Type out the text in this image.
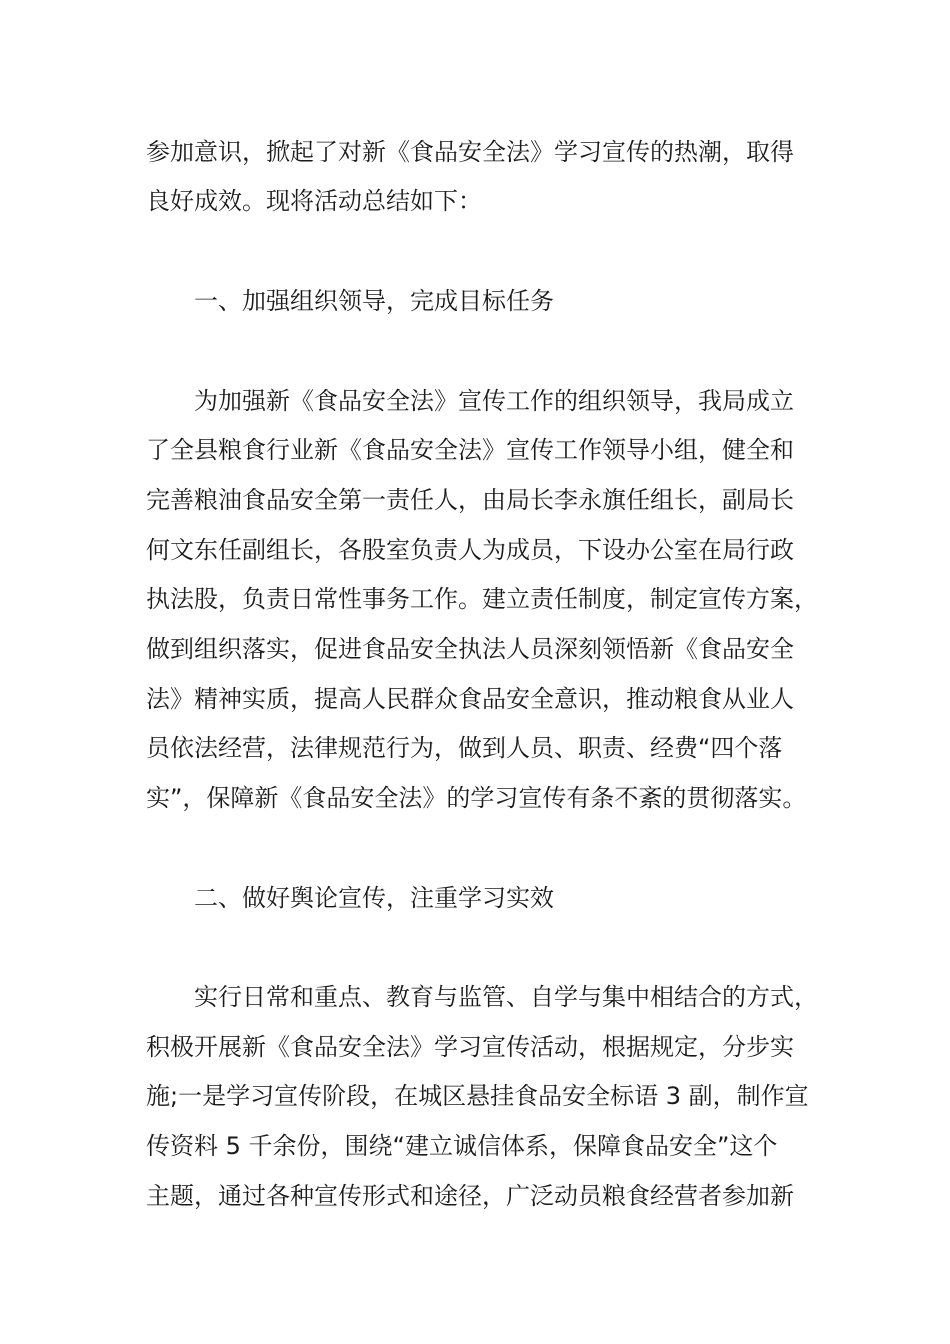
参加意识，掀起了对新《食品安全法》学习宣传的热潮，取得
良好成效。现将活动总结如下：
一、加强组织领导，完成目标任务
为加强新《食品安全法》宣传工作的组织领导，我局成立
了全县粮食行业新《食品安全法》宣传工作领导小组，健全和
完善粮油食品安全第一责任人，由局长李永旗任组长，副局长
何文东任副组长，各股室负责人为成员，下设办公室在局行政
执法股，负责日常性事务工作。建立责任制度，制定宣传方案，
做到组织落实，促进食品安全执法人员深刻领悟新《食品安全
法》精神实质，提高人民群众食品安全意识，推动粮食从业人
员依法经营，法律规范行为，做到人员、职责、经费“四个落
实”，保障新《食品安全法》的学习宣传有条不紊的贯彻落实。
二、做好舆论宣传，注重学习实效
实行日常和重点、教育与监管、自学与集中相结合的方式，
积极开展新《食品安全法》学习宣传活动，根据规定，分步实
施;一是学习宣传阶段，在城区悬挂食品安全标语 3 副，制作宣
传资料 5 千余份，围绕“建立诚信体系，保障食品安全”这个
主题，通过各种宣传形式和途径，广泛动员粮食经营者参加新
